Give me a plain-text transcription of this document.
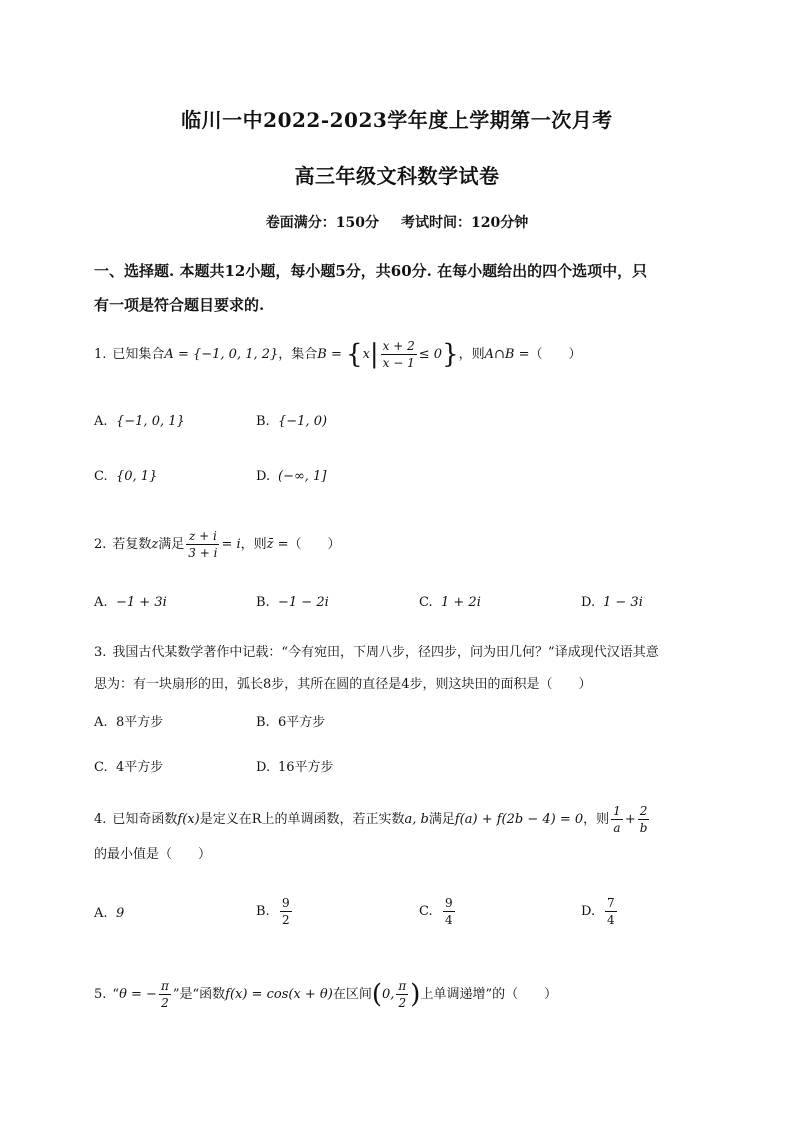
临川一中2022-2023学年度上学期第一次月考
高三年级文科数学试卷
卷面满分：150分 考试时间：120分钟
一、选择题. 本题共12小题，每小题5分，共60分. 在每小题给出的四个选项中，只
有一项是符合题目要求的.
1. 已知集合A = {−1, 0, 1, 2}，集合$B = \{x| \frac{x + 2}{x - 1} \le 0\}$，则A∩B =（　　）
A. {−1, 0, 1}	B. {−1, 0)
C. {0, 1}	D. (−∞, 1]
2. 若复数z满足 $\frac{z + i}{3 + i} = i$，则z̄ =（　　）
A. −1 + 3i	B. −1 − 2i	C. 1 + 2i	D. 1 − 3i
3. 我国古代某数学著作中记载：“今有宛田，下周八步，径四步，问为田几何？”译成现代汉语其意
思为：有一块扇形的田，弧长8步，其所在圆的直径是4步，则这块田的面积是（　　）
A. 8平方步	B. 6平方步
C. 4平方步	D. 16平方步
4. 已知奇函数f(x)是定义在R上的单调函数，若正实数a, b满足f(a) + f(2b − 4) = 0，则 $\frac{1}{a} + \frac{2}{b}$
的最小值是（　　）
A. 9	B. $\frac{9}{2}$	C. $\frac{9}{4}$	D. $\frac{7}{4}$
5. “θ = − $\frac{\pi}{2}$ ”是“函数f(x) = cos(x + θ)在区间(0, $\frac{\pi}{2}$ )上单调递增”的（　　）
